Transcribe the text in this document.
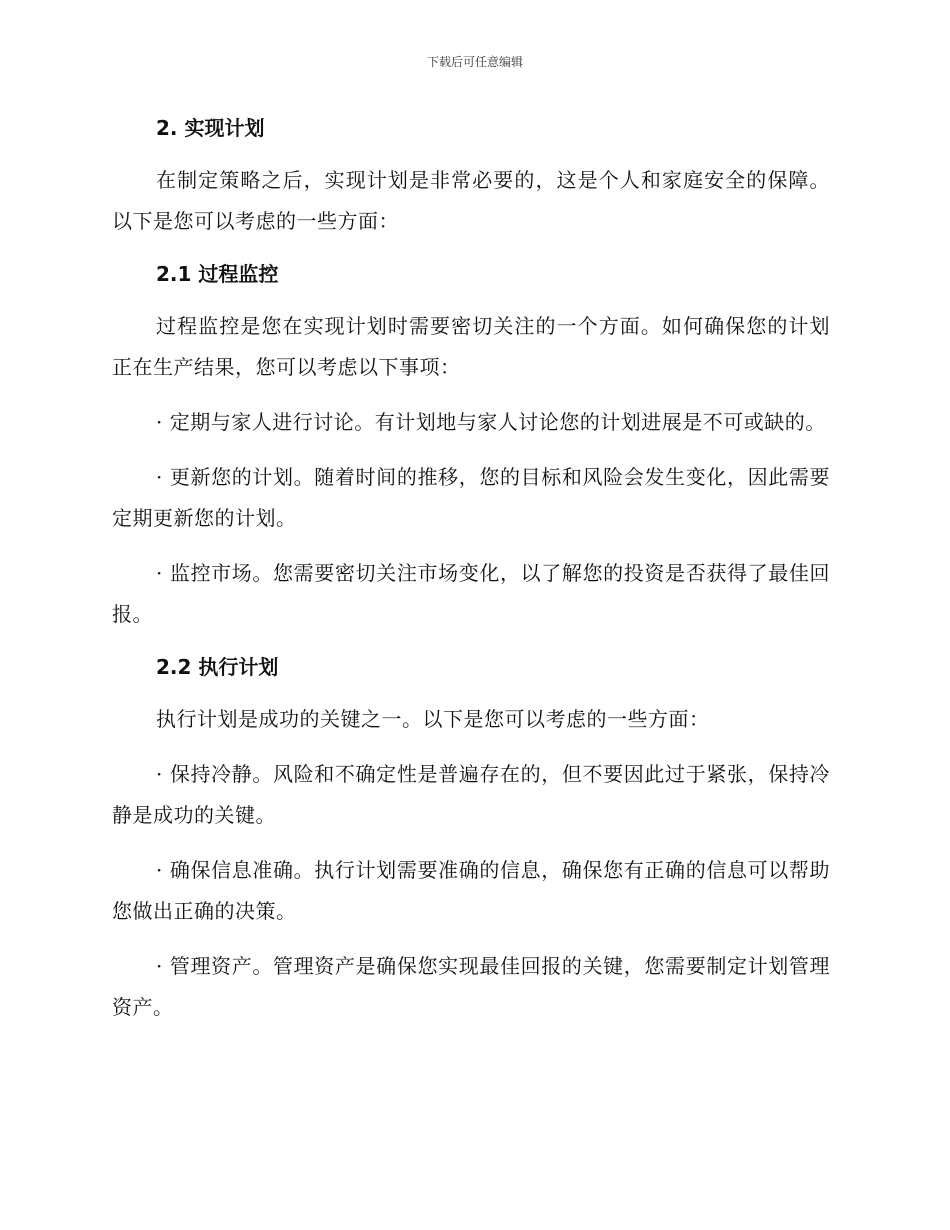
下载后可任意编辑
2. 实现计划

在制定策略之后，实现计划是非常必要的，这是个人和家庭安全的保障。以下是您可以考虑的一些方面：

2.1 过程监控

过程监控是您在实现计划时需要密切关注的一个方面。如何确保您的计划正在生产结果，您可以考虑以下事项：

· 定期与家人进行讨论。有计划地与家人讨论您的计划进展是不可或缺的。

· 更新您的计划。随着时间的推移，您的目标和风险会发生变化，因此需要定期更新您的计划。

· 监控市场。您需要密切关注市场变化，以了解您的投资是否获得了最佳回报。

2.2 执行计划

执行计划是成功的关键之一。以下是您可以考虑的一些方面：

· 保持冷静。风险和不确定性是普遍存在的，但不要因此过于紧张，保持冷静是成功的关键。

· 确保信息准确。执行计划需要准确的信息，确保您有正确的信息可以帮助您做出正确的决策。

· 管理资产。管理资产是确保您实现最佳回报的关键，您需要制定计划管理资产。
